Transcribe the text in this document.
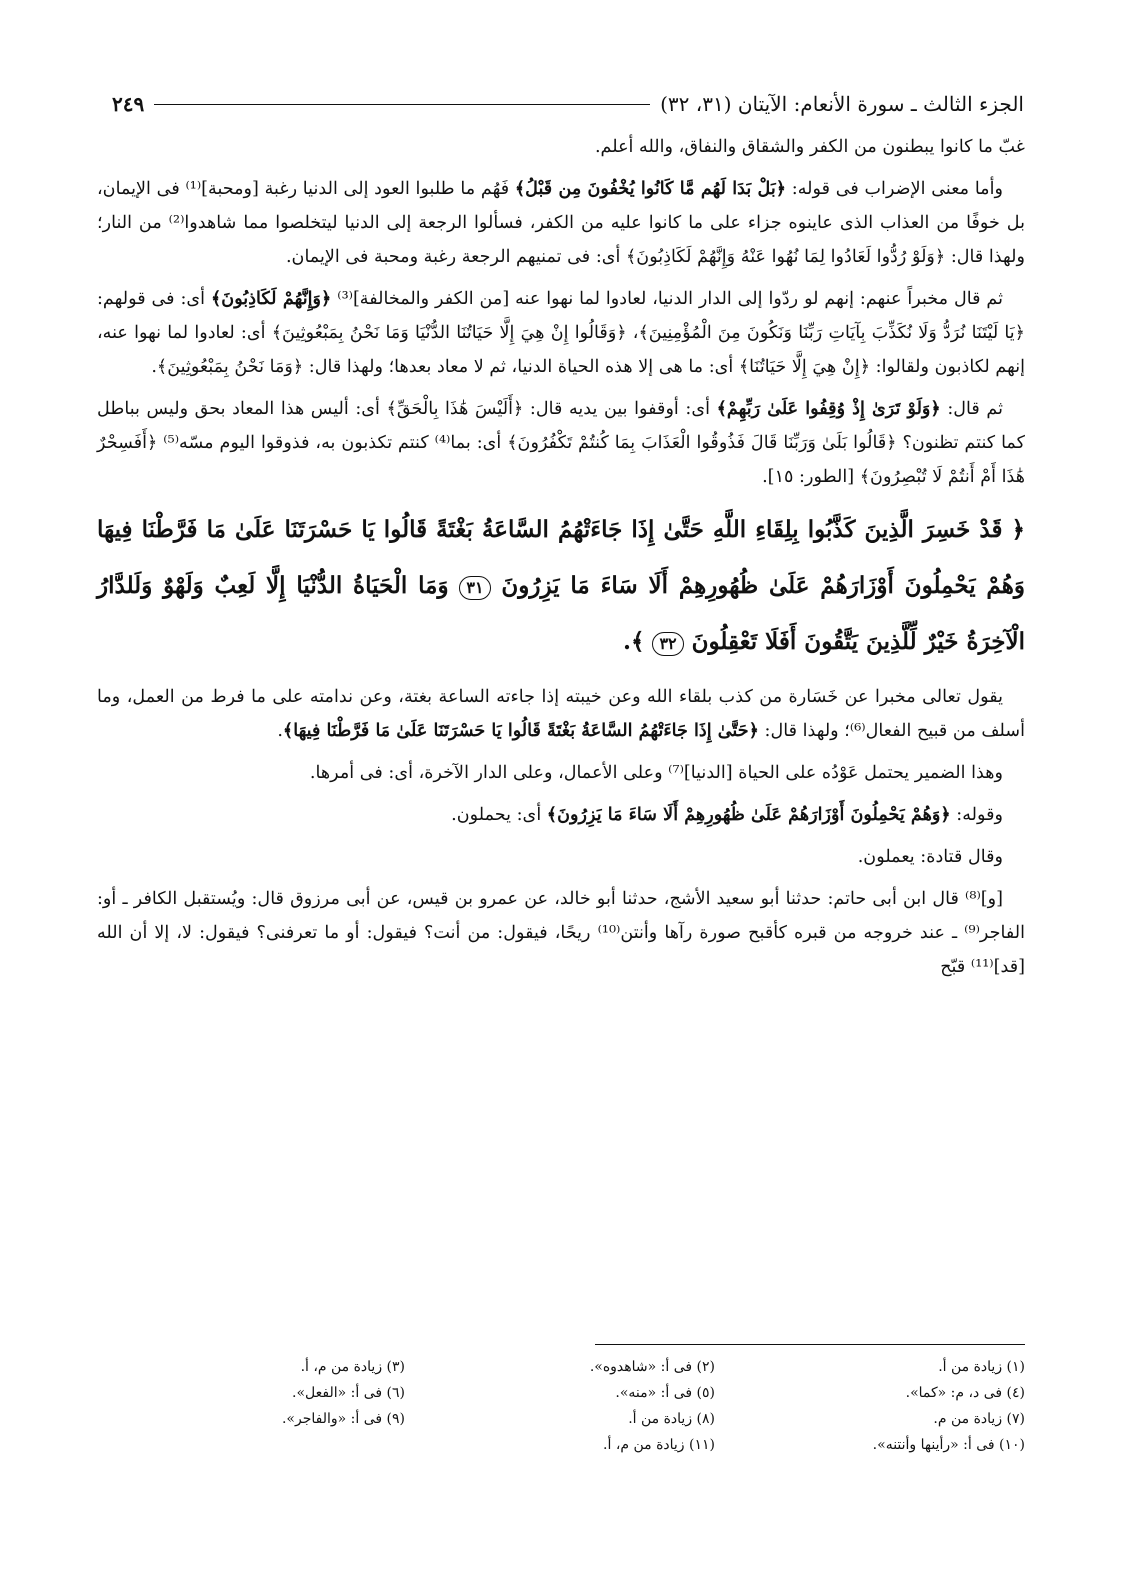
الجزء الثالث ـ سورة الأنعام: الآيتان (٣١، ٣٢)
٢٤٩

غبّ ما كانوا يبطنون من الكفر والشقاق والنفاق، والله أعلم.

وأما معنى الإضراب فى قوله: ﴿بَلْ بَدَا لَهُم مَّا كَانُوا يُخْفُونَ مِن قَبْلُ﴾ فَهُم ما طلبوا العود إلى الدنيا رغبة [ومحبة]⁽¹⁾ فى الإيمان، بل خوفًا من العذاب الذى عاينوه جزاء على ما كانوا عليه من الكفر، فسألوا الرجعة إلى الدنيا ليتخلصوا مما شاهدوا⁽²⁾ من النار؛ ولهذا قال: ﴿وَلَوْ رُدُّوا لَعَادُوا لِمَا نُهُوا عَنْهُ وَإِنَّهُمْ لَكَاذِبُونَ﴾ أى: فى تمنيهم الرجعة رغبة ومحبة فى الإيمان.

ثم قال مخبراً عنهم: إنهم لو ردّوا إلى الدار الدنيا، لعادوا لما نهوا عنه [من الكفر والمخالفة]⁽³⁾ ﴿وَإِنَّهُمْ لَكَاذِبُونَ﴾ أى: فى قولهم: ﴿يَا لَيْتَنَا نُرَدُّ وَلَا نُكَذِّبَ بِآيَاتِ رَبِّنَا وَنَكُونَ مِنَ الْمُؤْمِنِينَ﴾، ﴿وَقَالُوا إِنْ هِيَ إِلَّا حَيَاتُنَا الدُّنْيَا وَمَا نَحْنُ بِمَبْعُوثِينَ﴾ أى: لعادوا لما نهوا عنه، إنهم لكاذبون ولقالوا: ﴿إِنْ هِيَ إِلَّا حَيَاتُنَا﴾ أى: ما هى إلا هذه الحياة الدنيا، ثم لا معاد بعدها؛ ولهذا قال: ﴿وَمَا نَحْنُ بِمَبْعُوثِينَ﴾.

ثم قال: ﴿وَلَوْ تَرَىٰ إِذْ وُقِفُوا عَلَىٰ رَبِّهِمْ﴾ أى: أوقفوا بين يديه قال: ﴿أَلَيْسَ هَٰذَا بِالْحَقِّ﴾ أى: أليس هذا المعاد بحق وليس بباطل كما كنتم تظنون؟ ﴿قَالُوا بَلَىٰ وَرَبِّنَا قَالَ فَذُوقُوا الْعَذَابَ بِمَا كُنتُمْ تَكْفُرُونَ﴾ أى: بما⁽⁴⁾ كنتم تكذبون به، فذوقوا اليوم مسّه⁽⁵⁾ ﴿أَفَسِحْرٌ هَٰذَا أَمْ أَنتُمْ لَا تُبْصِرُونَ﴾ [الطور: ١٥].

﴿ قَدْ خَسِرَ الَّذِينَ كَذَّبُوا بِلِقَاءِ اللَّهِ حَتَّىٰ إِذَا جَاءَتْهُمُ السَّاعَةُ بَغْتَةً قَالُوا يَا حَسْرَتَنَا عَلَىٰ مَا فَرَّطْنَا فِيهَا وَهُمْ يَحْمِلُونَ أَوْزَارَهُمْ عَلَىٰ ظُهُورِهِمْ أَلَا سَاءَ مَا يَزِرُونَ ٣١ وَمَا الْحَيَاةُ الدُّنْيَا إِلَّا لَعِبٌ وَلَهْوٌ وَلَلدَّارُ الْآخِرَةُ خَيْرٌ لِّلَّذِينَ يَتَّقُونَ أَفَلَا تَعْقِلُونَ ٣٢ ﴾.

يقول تعالى مخبرا عن خَسَارة من كذب بلقاء الله وعن خيبته إذا جاءته الساعة بغتة، وعن ندامته على ما فرط من العمل، وما أسلف من قبيح الفعال⁽⁶⁾؛ ولهذا قال: ﴿حَتَّىٰ إِذَا جَاءَتْهُمُ السَّاعَةُ بَغْتَةً قَالُوا يَا حَسْرَتَنَا عَلَىٰ مَا فَرَّطْنَا فِيهَا﴾.

وهذا الضمير يحتمل عَوْدُه على الحياة [الدنيا]⁽⁷⁾ وعلى الأعمال، وعلى الدار الآخرة، أى: فى أمرها.

وقوله: ﴿وَهُمْ يَحْمِلُونَ أَوْزَارَهُمْ عَلَىٰ ظُهُورِهِمْ أَلَا سَاءَ مَا يَزِرُونَ﴾ أى: يحملون.

وقال قتادة: يعملون.

[و]⁽⁸⁾ قال ابن أبى حاتم: حدثنا أبو سعيد الأشج، حدثنا أبو خالد، عن عمرو بن قيس، عن أبى مرزوق قال: ويُستقبل الكافر ـ أو: الفاجر⁽⁹⁾ ـ عند خروجه من قبره كأقبح صورة رآها وأنتن⁽¹⁰⁾ ريحًا، فيقول: من أنت؟ فيقول: أو ما تعرفنى؟ فيقول: لا، إلا أن الله [قد]⁽¹¹⁾ قبّح

(١) زيادة من أ.
(٢) فى أ: «شاهدوه».
(٣) زيادة من م، أ.
(٤) فى د، م: «كما».
(٥) فى أ: «منه».
(٦) فى أ: «الفعل».
(٧) زيادة من م.
(٨) زيادة من أ.
(٩) فى أ: «والفاجر».
(١٠) فى أ: «رأينها وأنتنه».
(١١) زيادة من م، أ.
